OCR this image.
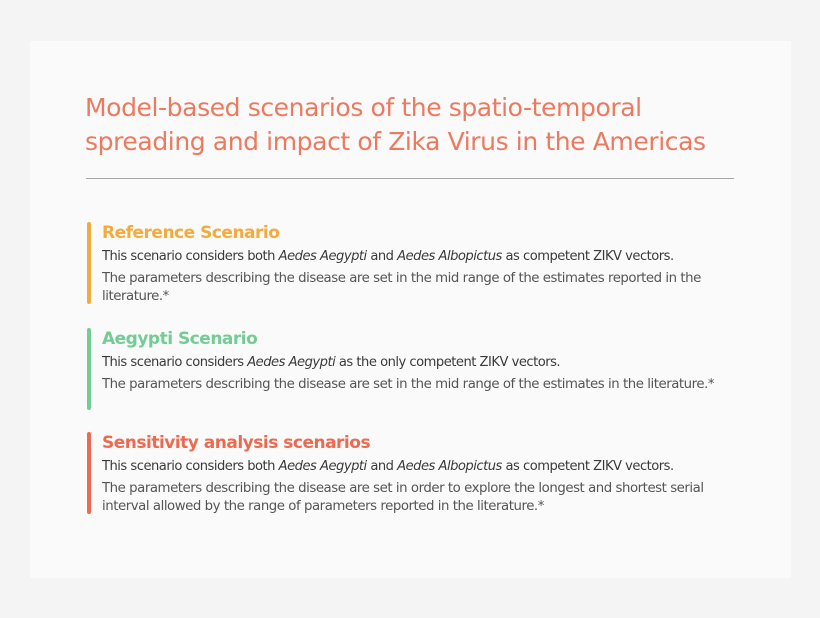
Model-based scenarios of the spatio-temporal
spreading and impact of Zika Virus in the Americas
Reference Scenario

This scenario considers both Aedes Aegypti and Aedes Albopictus as competent ZIKV vectors.

The parameters describing the disease are set in the mid range of the estimates reported in the literature.*

Aegypti Scenario

This scenario considers Aedes Aegypti as the only competent ZIKV vectors.

The parameters describing the disease are set in the mid range of the estimates in the literature.*

Sensitivity analysis scenarios

This scenario considers both Aedes Aegypti and Aedes Albopictus as competent ZIKV vectors.

The parameters describing the disease are set in order to explore the longest and shortest serial interval allowed by the range of parameters reported in the literature.*
